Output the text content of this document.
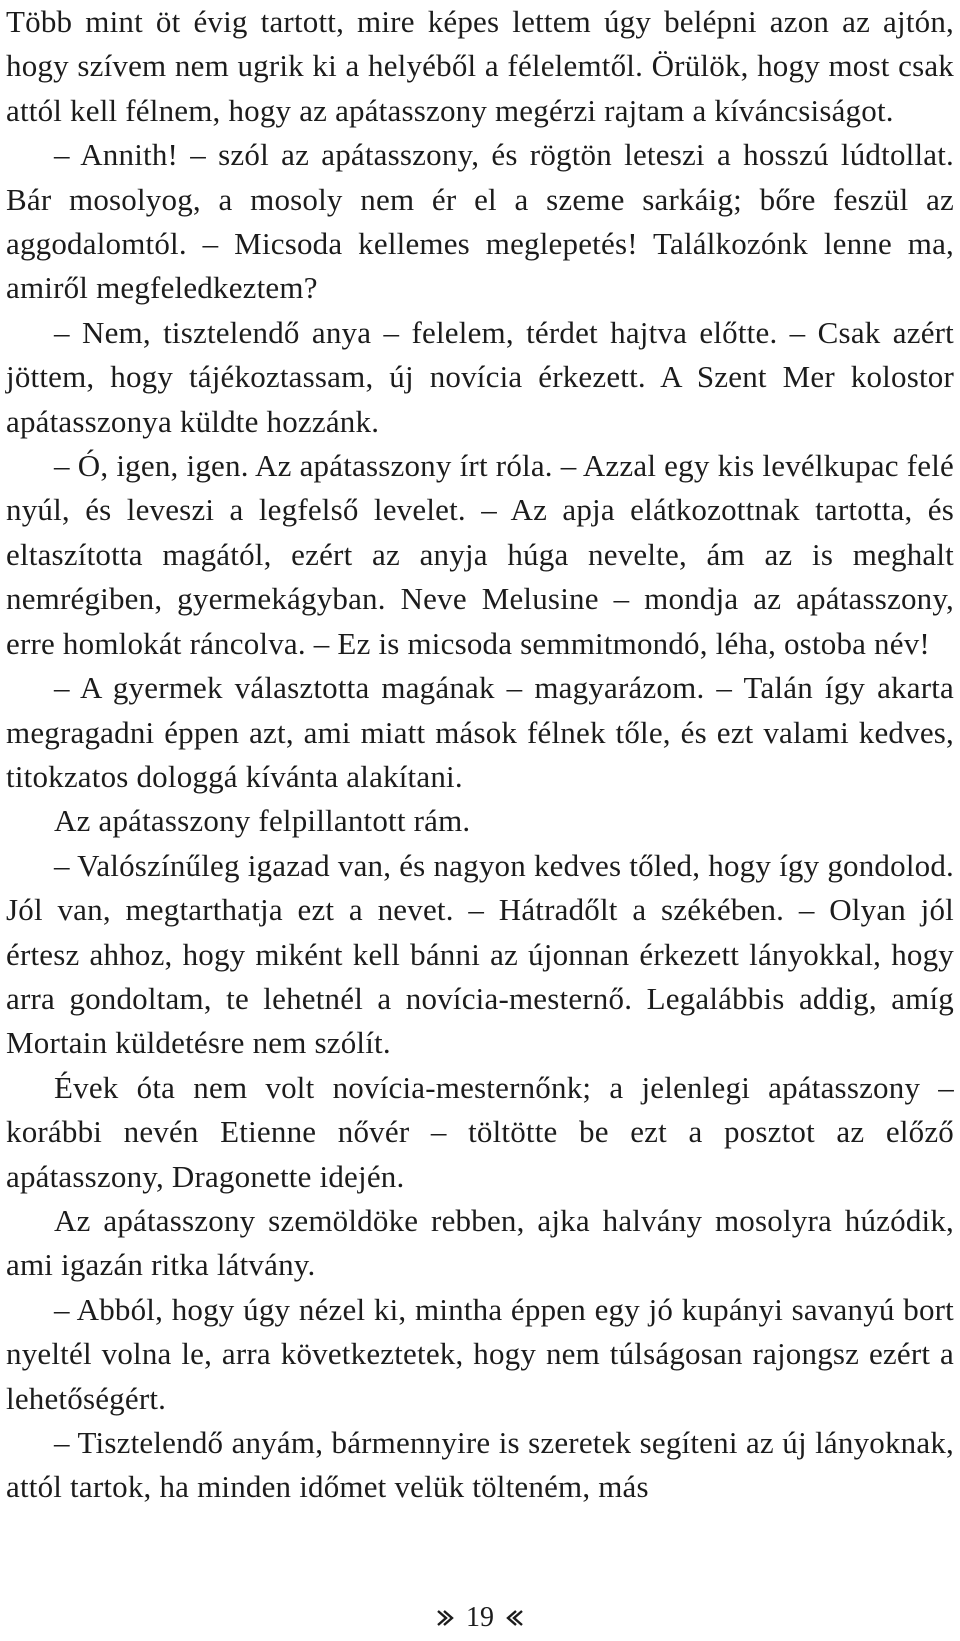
Több mint öt évig tartott, mire képes lettem úgy belépni azon az ajtón, hogy szívem nem ugrik ki a helyéből a félelemtől. Örülök, hogy most csak attól kell félnem, hogy az apátasszony megérzi rajtam a kíváncsiságot.

– Annith! – szól az apátasszony, és rögtön leteszi a hosszú lúdtollat. Bár mosolyog, a mosoly nem ér el a szeme sarkáig; bőre feszül az aggodalomtól. – Micsoda kellemes meglepetés! Találkozónk lenne ma, amiről megfeledkeztem?

– Nem, tisztelendő anya – felelem, térdet hajtva előtte. – Csak azért jöttem, hogy tájékoztassam, új novícia érkezett. A Szent Mer kolostor apátasszonya küldte hozzánk.

– Ó, igen, igen. Az apátasszony írt róla. – Azzal egy kis levélkupac felé nyúl, és leveszi a legfelső levelet. – Az apja elátkozottnak tartotta, és eltaszította magától, ezért az anyja húga nevelte, ám az is meghalt nemrégiben, gyermekágyban. Neve Melusine – mondja az apátasszony, erre homlokát ráncolva. – Ez is micsoda semmitmondó, léha, ostoba név!

– A gyermek választotta magának – magyarázom. – Talán így akarta megragadni éppen azt, ami miatt mások félnek tőle, és ezt valami kedves, titokzatos dologgá kívánta alakítani.

Az apátasszony felpillantott rám.

– Valószínűleg igazad van, és nagyon kedves tőled, hogy így gondolod. Jól van, megtarthatja ezt a nevet. – Hátradőlt a székében. – Olyan jól értesz ahhoz, hogy miként kell bánni az újonnan érkezett lányokkal, hogy arra gondoltam, te lehetnél a novícia-mesternő. Legalábbis addig, amíg Mortain küldetésre nem szólít.

Évek óta nem volt novícia-mesternőnk; a jelenlegi apátasszony – korábbi nevén Etienne nővér – töltötte be ezt a posztot az előző apátasszony, Dragonette idején.

Az apátasszony szemöldöke rebben, ajka halvány mosolyra húzódik, ami igazán ritka látvány.

– Abból, hogy úgy nézel ki, mintha éppen egy jó kupányi savanyú bort nyeltél volna le, arra következtetek, hogy nem túlságosan rajongsz ezért a lehetőségért.

– Tisztelendő anyám, bármennyire is szeretek segíteni az új lányoknak, attól tartok, ha minden időmet velük tölteném, más

19
